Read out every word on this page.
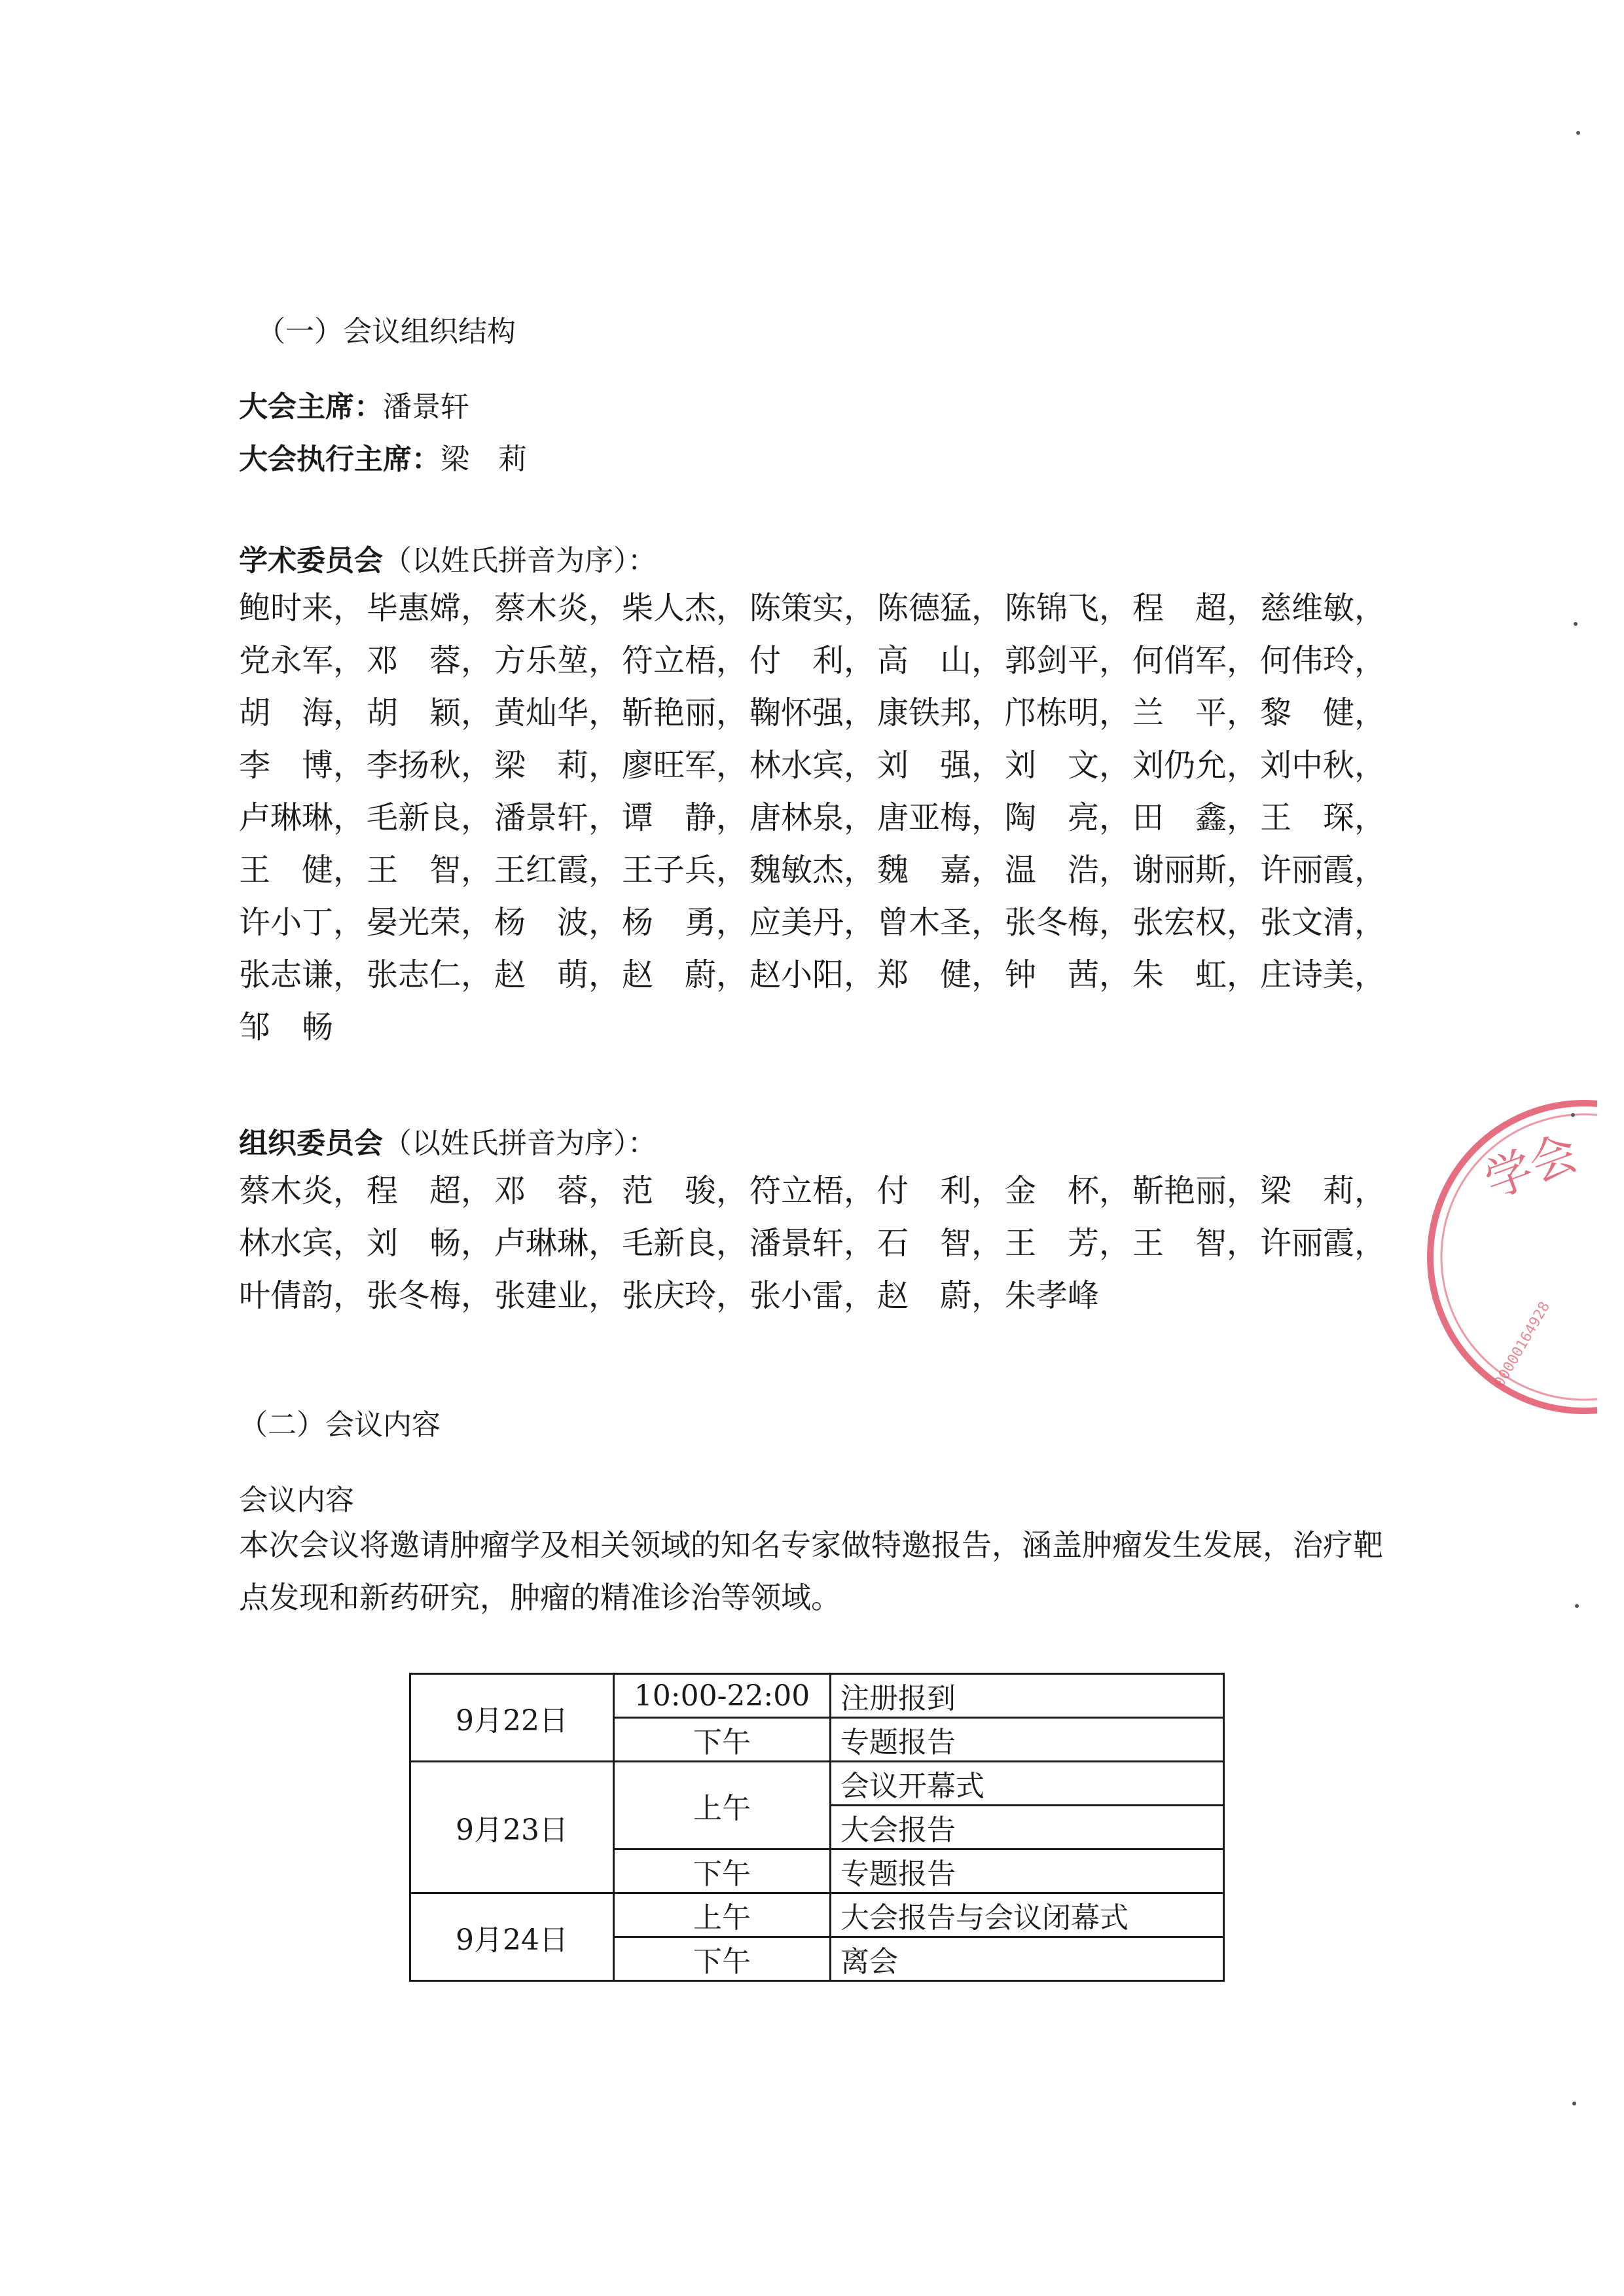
（一）会议组织结构
大会主席：潘景轩
大会执行主席：梁　莉
学术委员会（以姓氏拼音为序）：
鲍时来， 毕惠嫦， 蔡木炎， 柴人杰， 陈策实， 陈德猛， 陈锦飞， 程　超， 慈维敏，
党永军， 邓　蓉， 方乐堃， 符立梧， 付　利， 高　山， 郭剑平， 何俏军， 何伟玲，
胡　海， 胡　颖， 黄灿华， 靳艳丽， 鞠怀强， 康铁邦， 邝栋明， 兰　平， 黎　健，
李　博， 李扬秋， 梁　莉， 廖旺军， 林水宾， 刘　强， 刘　文， 刘仍允， 刘中秋，
卢琳琳， 毛新良， 潘景轩， 谭　静， 唐林泉， 唐亚梅， 陶　亮， 田　鑫， 王　琛，
王　健， 王　智， 王红霞， 王子兵， 魏敏杰， 魏　嘉， 温　浩， 谢丽斯， 许丽霞，
许小丁， 晏光荣， 杨　波， 杨　勇， 应美丹， 曾木圣， 张冬梅， 张宏权， 张文清，
张志谦， 张志仁， 赵　萌， 赵　蔚， 赵小阳， 郑　健， 钟　茜， 朱　虹， 庄诗美，
邹　畅
组织委员会（以姓氏拼音为序）：
蔡木炎， 程　超， 邓　蓉， 范　骏， 符立梧， 付　利， 金　杯， 靳艳丽， 梁　莉，
林水宾， 刘　畅， 卢琳琳， 毛新良， 潘景轩， 石　智， 王　芳， 王　智， 许丽霞，
叶倩韵， 张冬梅， 张建业， 张庆玲， 张小雷， 赵　蔚， 朱孝峰
（二）会议内容
会议内容
本次会议将邀请肿瘤学及相关领域的知名专家做特邀报告，涵盖肿瘤发生发展，治疗靶点发现和新药研究，肿瘤的精准诊治等领域。
9月22日	10:00-22:00	注册报到
	下午	专题报告
9月23日	上午	会议开幕式
		大会报告
	下午	专题报告
9月24日	上午	大会报告与会议闭幕式
	下午	离会
学会
00000164928
